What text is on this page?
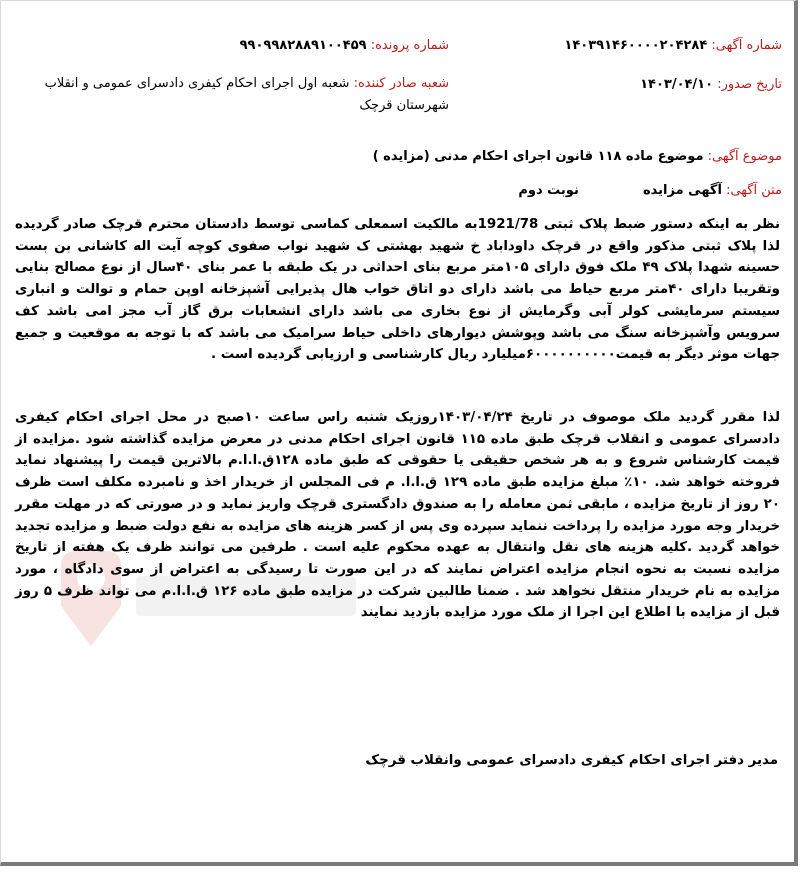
شماره آگهی: ۱۴۰۳۹۱۴۶۰۰۰۰۲۰۴۲۸۴
شماره پرونده: ۹۹۰۹۹۸۲۸۸۹۱۰۰۴۵۹
تاریخ صدور: ۱۴۰۳/۰۴/۱۰
شعبه صادر کننده: شعبه اول اجرای احکام کیفری دادسرای عمومی و انقلاب
شهرستان قرچک
موضوع آگهی: موضوع ماده ۱۱۸ قانون اجرای احکام مدنی (مزایده )
متن آگهی: آگهی مزایده نوبت دوم
نظر به اینکه دستور ضبط پلاک ثبتی 1921/78به مالکیت اسمعلی کماسی توسط دادستان محترم قرچک صادر گردیده لذا پلاک ثبتی مذکور واقع در قرچک داوداباد خ شهید بهشتی ک شهید نواب صفوی کوچه آیت اله کاشانی بن بست حسینه شهدا پلاک ۴۹ ملک فوق دارای ۱۰۵متر مربع بنای احداثی در یک طبقه با عمر بنای ۴۰سال از نوع مصالح بنایی وتقریبا دارای ۴۰متر مربع حیاط می باشد دارای دو اتاق خواب هال پذیرایی آشپزخانه اوپن حمام و توالت و انباری سیستم سرمایشی کولر آبی وگرمایش از نوع بخاری می باشد دارای انشعابات برق گاز آب مجز امی باشد کف سرویس وآشپزخانه سنگ می باشد وپوشش دیوارهای داخلی حیاط سرامیک می باشد که با توجه به موقعیت و جمیع جهات موثر دیگر به قیمت۶۰۰۰۰۰۰۰۰۰۰میلیارد ریال کارشناسی و ارزیابی گردیده است .
لذا مقرر گردید ملک موصوف در تاریخ ۱۴۰۳/۰۴/۲۴روزیک شنبه راس ساعت ۱۰صبح در محل اجرای احکام کیفری دادسرای عمومی و انقلاب قرچک طبق ماده ۱۱۵ قانون اجرای احکام مدنی در معرض مزایده گذاشته شود .مزایده از قیمت کارشناس شروع و به هر شخص حقیقی یا حقوقی که طبق ماده ۱۲۸ق.ا.ا.م بالاترین قیمت را پیشنهاد نماید فروخته خواهد شد. ۱۰٪ مبلغ مزایده طبق ماده ۱۲۹ ق.ا.ا. م فی المجلس از خریدار اخذ و نامبرده مکلف است ظرف ۲۰ روز از تاریخ مزایده ، مابقی ثمن معامله را به صندوق دادگستری قرچک واریز نماید و در صورتی که در مهلت مقرر خریدار وجه مورد مزایده را پرداخت ننماید سپرده وی پس از کسر هزینه های مزایده به نفع دولت ضبط و مزایده تجدید خواهد گردید .کلیه هزینه های نقل وانتقال به عهده محکوم علیه است . طرفین می توانند ظرف یک هفته از تاریخ مزایده نسبت به نحوه انجام مزایده اعتراض نمایند که در این صورت تا رسیدگی به اعتراض از سوی دادگاه ، مورد مزایده به نام خریدار منتقل نخواهد شد . ضمنا طالبین شرکت در مزایده طبق ماده ۱۲۶ ق.ا.ا.م می تواند ظرف ۵ روز قبل از مزایده با اطلاع این اجرا از ملک مورد مزایده بازدید نمایند
مدیر دفتر اجرای احکام کیفری دادسرای عمومی وانقلاب قرچک
